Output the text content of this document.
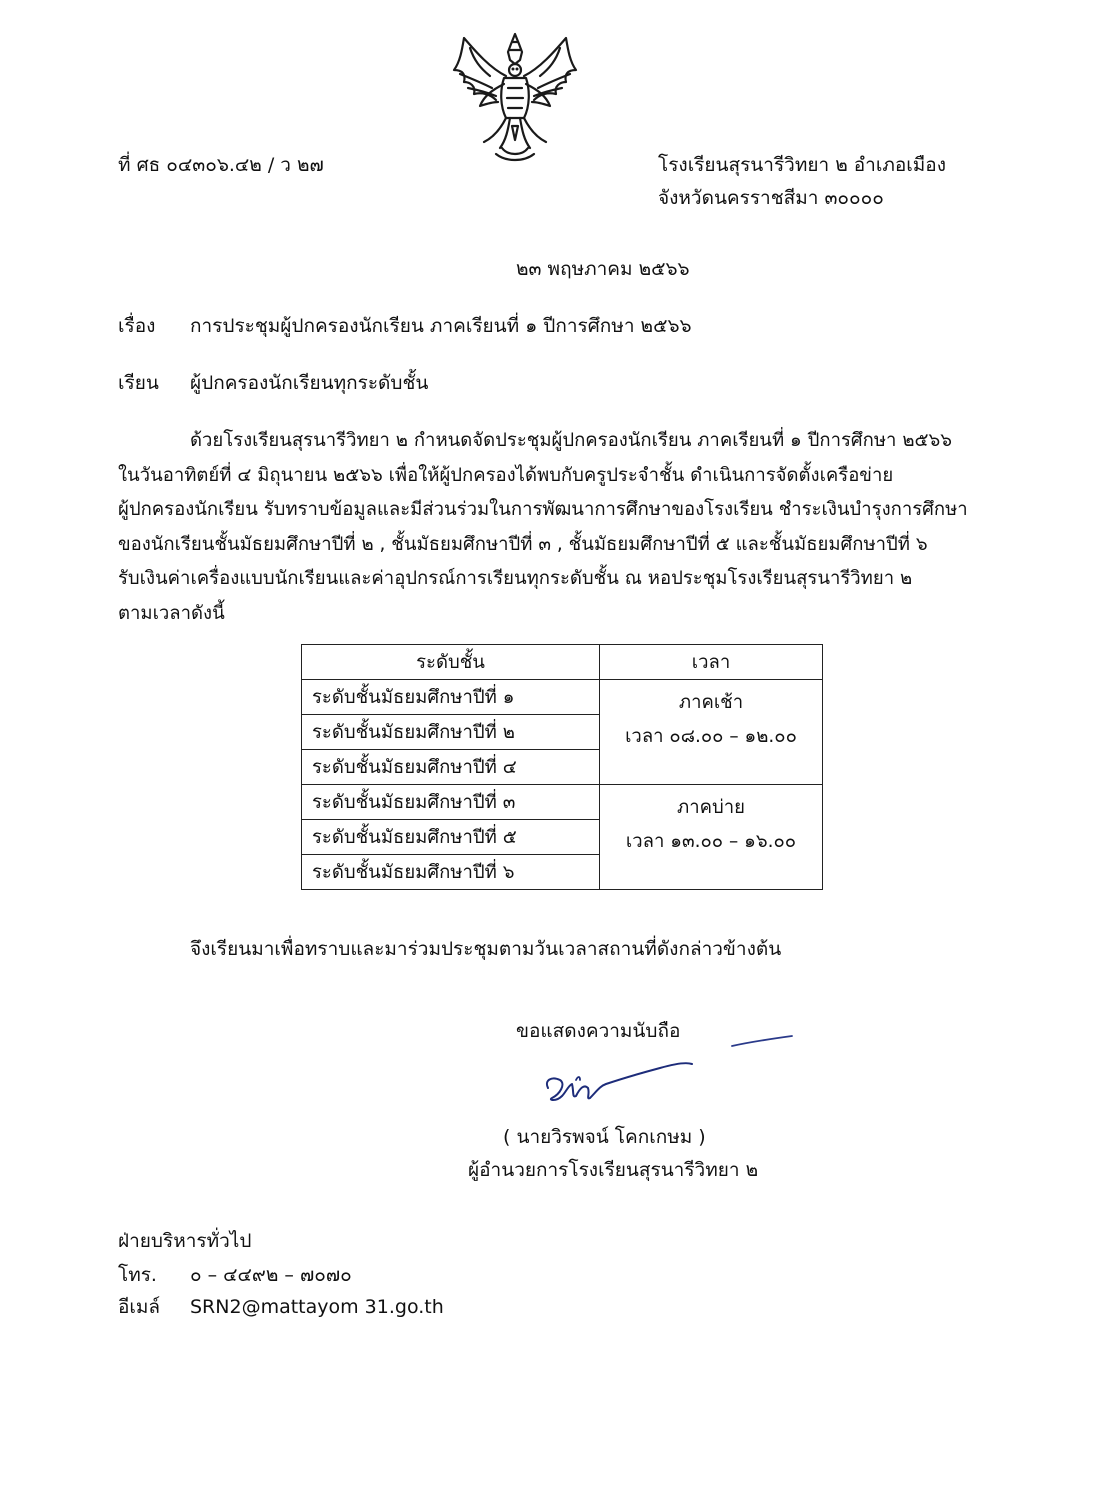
ที่ ศธ ๐๔๓๐๖.๔๒ / ว ๒๗	โรงเรียนสุรนารีวิทยา ๒ อำเภอเมือง
จังหวัดนครราชสีมา ๓๐๐๐๐
๒๓ พฤษภาคม ๒๕๖๖
เรื่อง การประชุมผู้ปกครองนักเรียน ภาคเรียนที่ ๑ ปีการศึกษา ๒๕๖๖
เรียน ผู้ปกครองนักเรียนทุกระดับชั้น
ด้วยโรงเรียนสุรนารีวิทยา ๒ กำหนดจัดประชุมผู้ปกครองนักเรียน ภาคเรียนที่ ๑ ปีการศึกษา ๒๕๖๖
ในวันอาทิตย์ที่ ๔ มิถุนายน ๒๕๖๖ เพื่อให้ผู้ปกครองได้พบกับครูประจำชั้น ดำเนินการจัดตั้งเครือข่าย
ผู้ปกครองนักเรียน รับทราบข้อมูลและมีส่วนร่วมในการพัฒนาการศึกษาของโรงเรียน ชำระเงินบำรุงการศึกษา
ของนักเรียนชั้นมัธยมศึกษาปีที่ ๒ , ชั้นมัธยมศึกษาปีที่ ๓ , ชั้นมัธยมศึกษาปีที่ ๕ และชั้นมัธยมศึกษาปีที่ ๖
รับเงินค่าเครื่องแบบนักเรียนและค่าอุปกรณ์การเรียนทุกระดับชั้น ณ หอประชุมโรงเรียนสุรนารีวิทยา ๒
ตามเวลาดังนี้
ระดับชั้น	เวลา
ระดับชั้นมัธยมศึกษาปีที่ ๑	ภาคเช้า
เวลา ๐๘.๐๐ – ๑๒.๐๐

ระดับชั้นมัธยมศึกษาปีที่ ๒	
ระดับชั้นมัธยมศึกษาปีที่ ๔	
ระดับชั้นมัธยมศึกษาปีที่ ๓	ภาคบ่าย
เวลา ๑๓.๐๐ – ๑๖.๐๐

ระดับชั้นมัธยมศึกษาปีที่ ๕	
ระดับชั้นมัธยมศึกษาปีที่ ๖	
จึงเรียนมาเพื่อทราบและมาร่วมประชุมตามวันเวลาสถานที่ดังกล่าวข้างต้น
ขอแสดงความนับถือ
( นายวิรพจน์ โคกเกษม )
ผู้อำนวยการโรงเรียนสุรนารีวิทยา ๒
ฝ่ายบริหารทั่วไป
โทร. ๐ – ๔๔๙๒ – ๗๐๗๐
อีเมล์ SRN2@mattayom 31.go.th
